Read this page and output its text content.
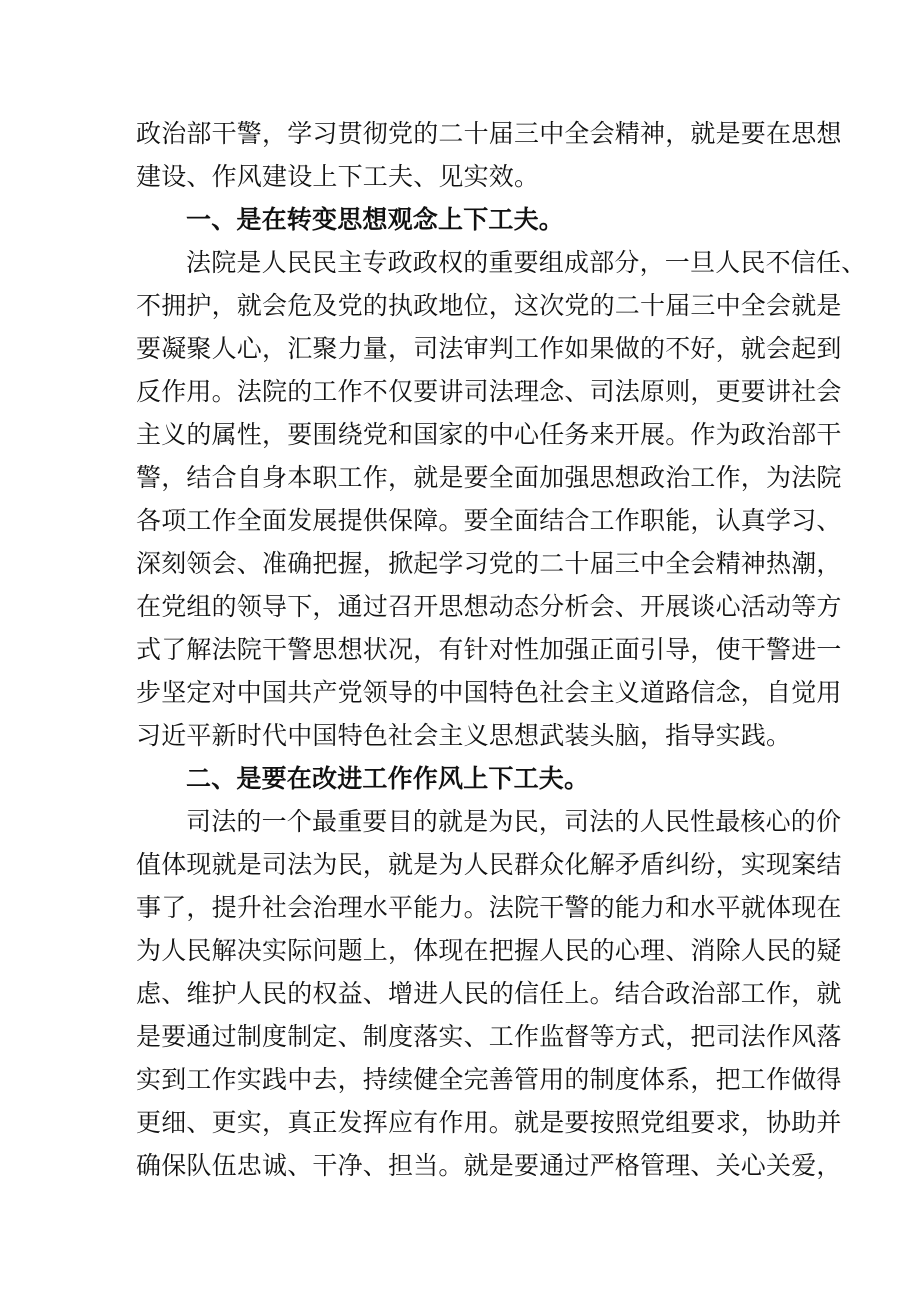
政治部干警，学习贯彻党的二十届三中全会精神，就是要在思想
建设、作风建设上下工夫、见实效。
一、是在转变思想观念上下工夫。
法院是人民民主专政政权的重要组成部分，一旦人民不信任、
不拥护，就会危及党的执政地位，这次党的二十届三中全会就是
要凝聚人心，汇聚力量，司法审判工作如果做的不好，就会起到
反作用。法院的工作不仅要讲司法理念、司法原则，更要讲社会
主义的属性，要围绕党和国家的中心任务来开展。作为政治部干
警，结合自身本职工作，就是要全面加强思想政治工作，为法院
各项工作全面发展提供保障。要全面结合工作职能，认真学习、
深刻领会、准确把握，掀起学习党的二十届三中全会精神热潮，
在党组的领导下，通过召开思想动态分析会、开展谈心活动等方
式了解法院干警思想状况，有针对性加强正面引导，使干警进一
步坚定对中国共产党领导的中国特色社会主义道路信念，自觉用
习近平新时代中国特色社会主义思想武装头脑，指导实践。
二、是要在改进工作作风上下工夫。
司法的一个最重要目的就是为民，司法的人民性最核心的价
值体现就是司法为民，就是为人民群众化解矛盾纠纷，实现案结
事了，提升社会治理水平能力。法院干警的能力和水平就体现在
为人民解决实际问题上，体现在把握人民的心理、消除人民的疑
虑、维护人民的权益、增进人民的信任上。结合政治部工作，就
是要通过制度制定、制度落实、工作监督等方式，把司法作风落
实到工作实践中去，持续健全完善管用的制度体系，把工作做得
更细、更实，真正发挥应有作用。就是要按照党组要求，协助并
确保队伍忠诚、干净、担当。就是要通过严格管理、关心关爱，
